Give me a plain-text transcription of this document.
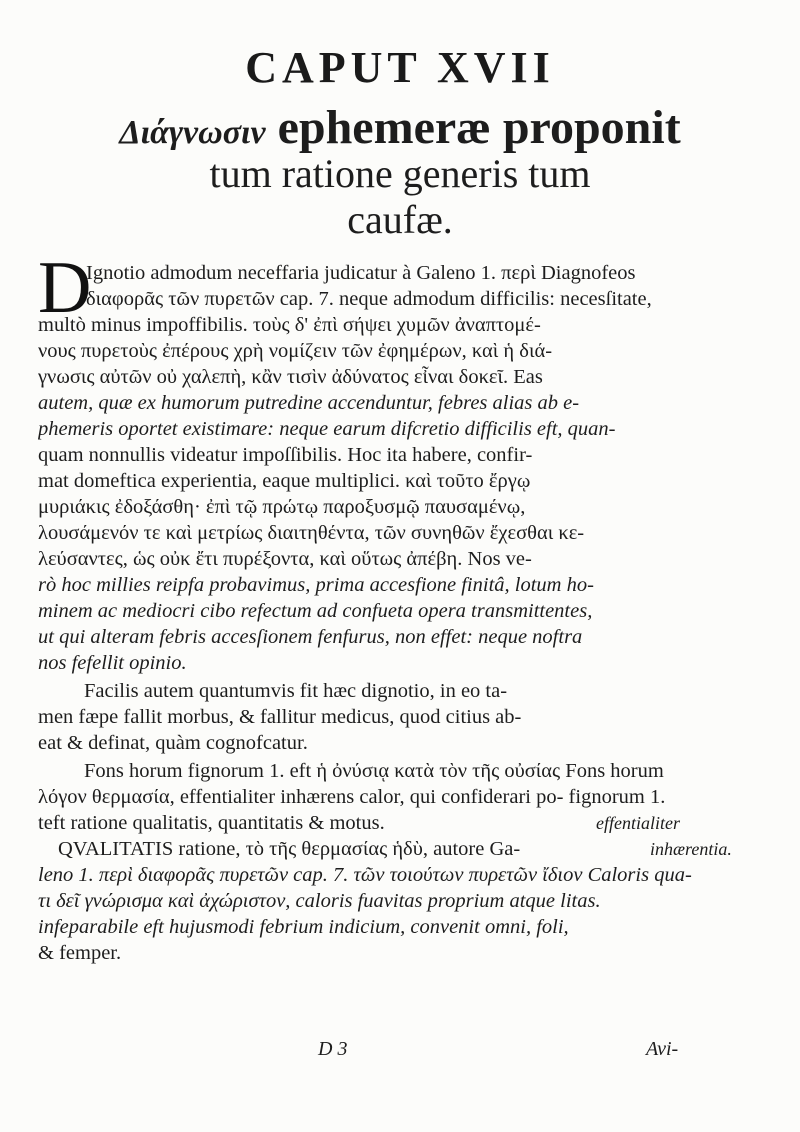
CAPUT XVII
Διάγνωσιν ephemeræ proponit
tum ratione generis tum
caufæ.
D
Ignotio admodum neceffaria judicatur à Galeno 1. περὶ Diagnofeos
διαφορᾶς τῶν πυρετῶν cap. 7. neque admodum difficilis: necesſitate,
multò minus impoffibilis. τοὺς δ' ἐπὶ σήψει χυμῶν ἀναπτομέ-
νους πυρετοὺς ἐπέρους χρὴ νομίζειν τῶν ἐφημέρων, καὶ ἡ διά-
γνωσις αὐτῶν οὐ χαλεπὴ, κἂν τισὶν ἀδύνατος εἶναι δοκεῖ. Eas
autem, quæ ex humorum putredine accenduntur, febres alias ab e-
phemeris oportet existimare: neque earum difcretio difficilis eft, quan-
quam nonnullis videatur impoſſibilis. Hoc ita habere, confir-
mat domeftica experientia, eaque multiplici. καὶ τοῦτο ἔργῳ
μυριάκις ἐδοξάσθη· ἐπὶ τῷ πρώτῳ παροξυσμῷ παυσαμένῳ,
λουσάμενόν τε καὶ μετρίως διαιτηθέντα, τῶν συνηθῶν ἔχεσθαι κε-
λεύσαντες, ὡς οὐκ ἔτι πυρέξοντα, καὶ οὕτως ἀπέβη. Nos ve-
rò hoc millies reipfa probavimus, prima accesfione finitâ, lotum ho-
minem ac mediocri cibo refectum ad confueta opera transmittentes,
ut qui alteram febris accesſionem fenfurus, non effet: neque noftra
nos fefellit opinio.
Facilis autem quantumvis fit hæc dignotio, in eo ta-
men fæpe fallit morbus, & fallitur medicus, quod citius ab-
eat & definat, quàm cognofcatur.
Fons horum fignorum 1. eft ἡ ὀνύσιᾳ κατὰ τὸν τῆς οὐσίας Fons horum
λόγον θερμασία, effentialiter inhærens calor, qui confiderari po- fignorum 1.
teft ratione qualitatis, quantitatis & motus.
QVALITATIS ratione, τὸ τῆς θερμασίας ἡδὺ, autore Ga-
leno 1. περὶ διαφορᾶς πυρετῶν cap. 7. τῶν τοιούτων πυρετῶν ἴδιον Caloris qua-
τι δεῖ γνώρισμα καὶ ἀχώριστον, caloris fuavitas proprium atque litas.
infeparabile eft hujusmodi febrium indicium, convenit omni, foli,
& femper.
effentialiter
inhærentia.
D 3	Avi-
